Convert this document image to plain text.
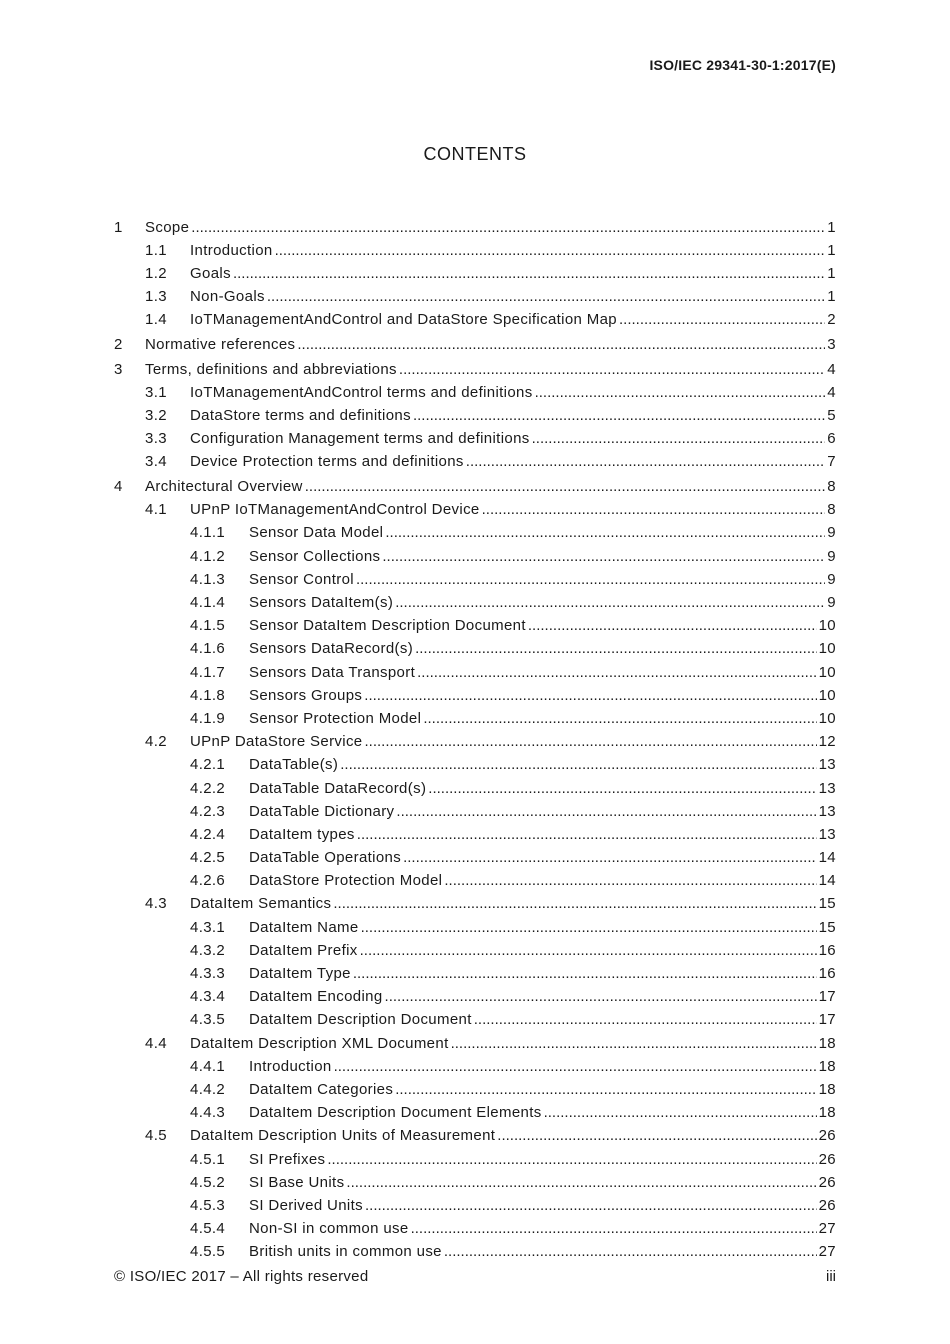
ISO/IEC 29341-30-1:2017(E)
CONTENTS
1	Scope .....	1
1.1	Introduction .....	1
1.2	Goals .....	1
1.3	Non-Goals .....	1
1.4	IoTManagementAndControl and DataStore Specification Map .....	2
2	Normative references .....	3
3	Terms, definitions and abbreviations .....	4
3.1	IoTManagementAndControl terms and definitions .....	4
3.2	DataStore terms and definitions .....	5
3.3	Configuration Management terms and definitions .....	6
3.4	Device Protection terms and definitions .....	7
4	Architectural Overview .....	8
4.1	UPnP IoTManagementAndControl Device .....	8
4.1.1	Sensor Data Model .....	9
4.1.2	Sensor Collections .....	9
4.1.3	Sensor Control .....	9
4.1.4	Sensors DataItem(s) .....	9
4.1.5	Sensor DataItem Description Document .....	10
4.1.6	Sensors DataRecord(s) .....	10
4.1.7	Sensors Data Transport .....	10
4.1.8	Sensors Groups .....	10
4.1.9	Sensor Protection Model .....	10
4.2	UPnP DataStore Service .....	12
4.2.1	DataTable(s) .....	13
4.2.2	DataTable DataRecord(s) .....	13
4.2.3	DataTable Dictionary .....	13
4.2.4	DataItem types .....	13
4.2.5	DataTable Operations .....	14
4.2.6	DataStore Protection Model .....	14
4.3	DataItem Semantics .....	15
4.3.1	DataItem Name .....	15
4.3.2	DataItem Prefix .....	16
4.3.3	DataItem Type .....	16
4.3.4	DataItem Encoding .....	17
4.3.5	DataItem Description Document .....	17
4.4	DataItem Description XML Document .....	18
4.4.1	Introduction .....	18
4.4.2	DataItem Categories .....	18
4.4.3	DataItem Description Document Elements .....	18
4.5	DataItem Description Units of Measurement .....	26
4.5.1	SI Prefixes .....	26
4.5.2	SI Base Units .....	26
4.5.3	SI Derived Units .....	26
4.5.4	Non-SI in common use .....	27
4.5.5	British units in common use .....	27
© ISO/IEC 2017 – All rights reserved	iii
